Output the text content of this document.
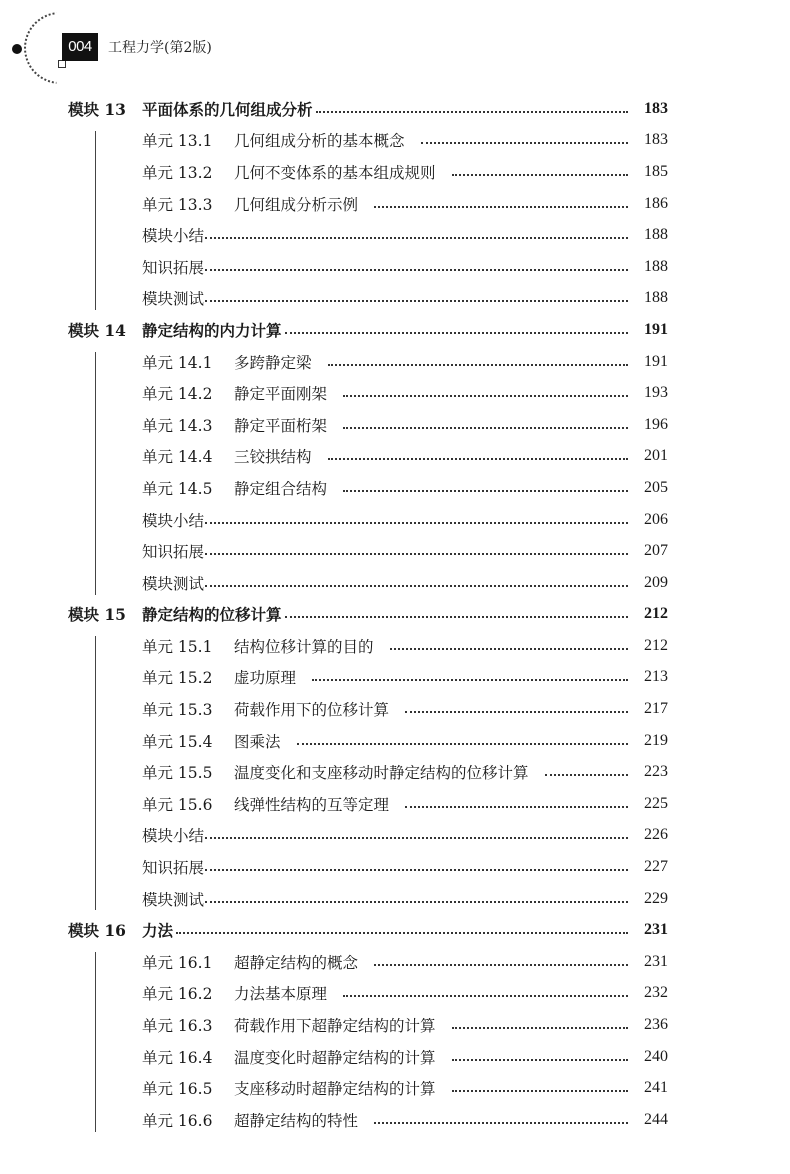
004	工程力学(第2版)
模块 13	平面体系的几何组成分析	183
单元 13.1	几何组成分析的基本概念	183
单元 13.2	几何不变体系的基本组成规则	185
单元 13.3	几何组成分析示例	186
模块小结	188
知识拓展	188
模块测试	188
模块 14	静定结构的内力计算	191
单元 14.1	多跨静定梁	191
单元 14.2	静定平面刚架	193
单元 14.3	静定平面桁架	196
单元 14.4	三铰拱结构	201
单元 14.5	静定组合结构	205
模块小结	206
知识拓展	207
模块测试	209
模块 15	静定结构的位移计算	212
单元 15.1	结构位移计算的目的	212
单元 15.2	虚功原理	213
单元 15.3	荷载作用下的位移计算	217
单元 15.4	图乘法	219
单元 15.5	温度变化和支座移动时静定结构的位移计算	223
单元 15.6	线弹性结构的互等定理	225
模块小结	226
知识拓展	227
模块测试	229
模块 16	力法	231
单元 16.1	超静定结构的概念	231
单元 16.2	力法基本原理	232
单元 16.3	荷载作用下超静定结构的计算	236
单元 16.4	温度变化时超静定结构的计算	240
单元 16.5	支座移动时超静定结构的计算	241
单元 16.6	超静定结构的特性	244
